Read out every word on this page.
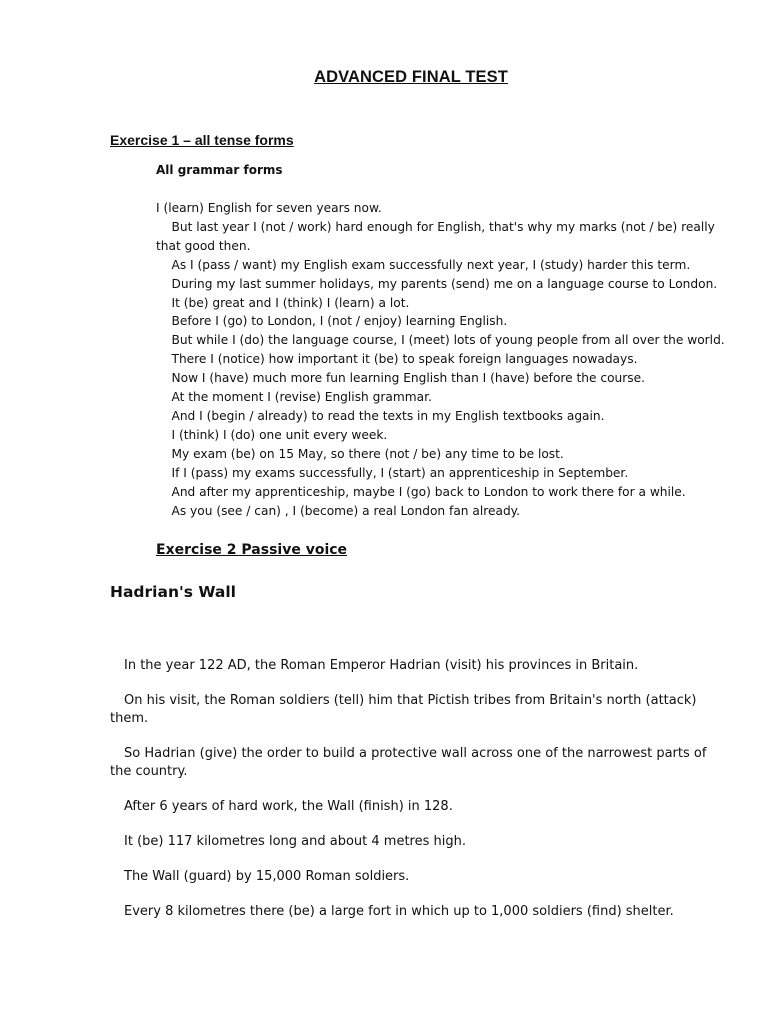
ADVANCED FINAL TEST
Exercise 1 – all tense forms
All grammar forms
I (learn) English for seven years now.
But last year I (not / work) hard enough for English, that's why my marks (not / be) really that good then.
As I (pass / want) my English exam successfully next year, I (study) harder this term.
During my last summer holidays, my parents (send) me on a language course to London.
It (be) great and I (think) I (learn) a lot.
Before I (go) to London, I (not / enjoy) learning English.
But while I (do) the language course, I (meet) lots of young people from all over the world.
There I (notice) how important it (be) to speak foreign languages nowadays.
Now I (have) much more fun learning English than I (have) before the course.
At the moment I (revise) English grammar.
And I (begin / already) to read the texts in my English textbooks again.
I (think) I (do) one unit every week.
My exam (be) on 15 May, so there (not / be) any time to be lost.
If I (pass) my exams successfully, I (start) an apprenticeship in September.
And after my apprenticeship, maybe I (go) back to London to work there for a while.
As you (see / can) , I (become) a real London fan already.
Exercise 2 Passive voice
Hadrian's Wall

In the year 122 AD, the Roman Emperor Hadrian (visit) his provinces in Britain.

On his visit, the Roman soldiers (tell) him that Pictish tribes from Britain's north (attack) them.

So Hadrian (give) the order to build a protective wall across one of the narrowest parts of the country.

After 6 years of hard work, the Wall (finish) in 128.

It (be) 117 kilometres long and about 4 metres high.

The Wall (guard) by 15,000 Roman soldiers.

Every 8 kilometres there (be) a large fort in which up to 1,000 soldiers (find) shelter.
